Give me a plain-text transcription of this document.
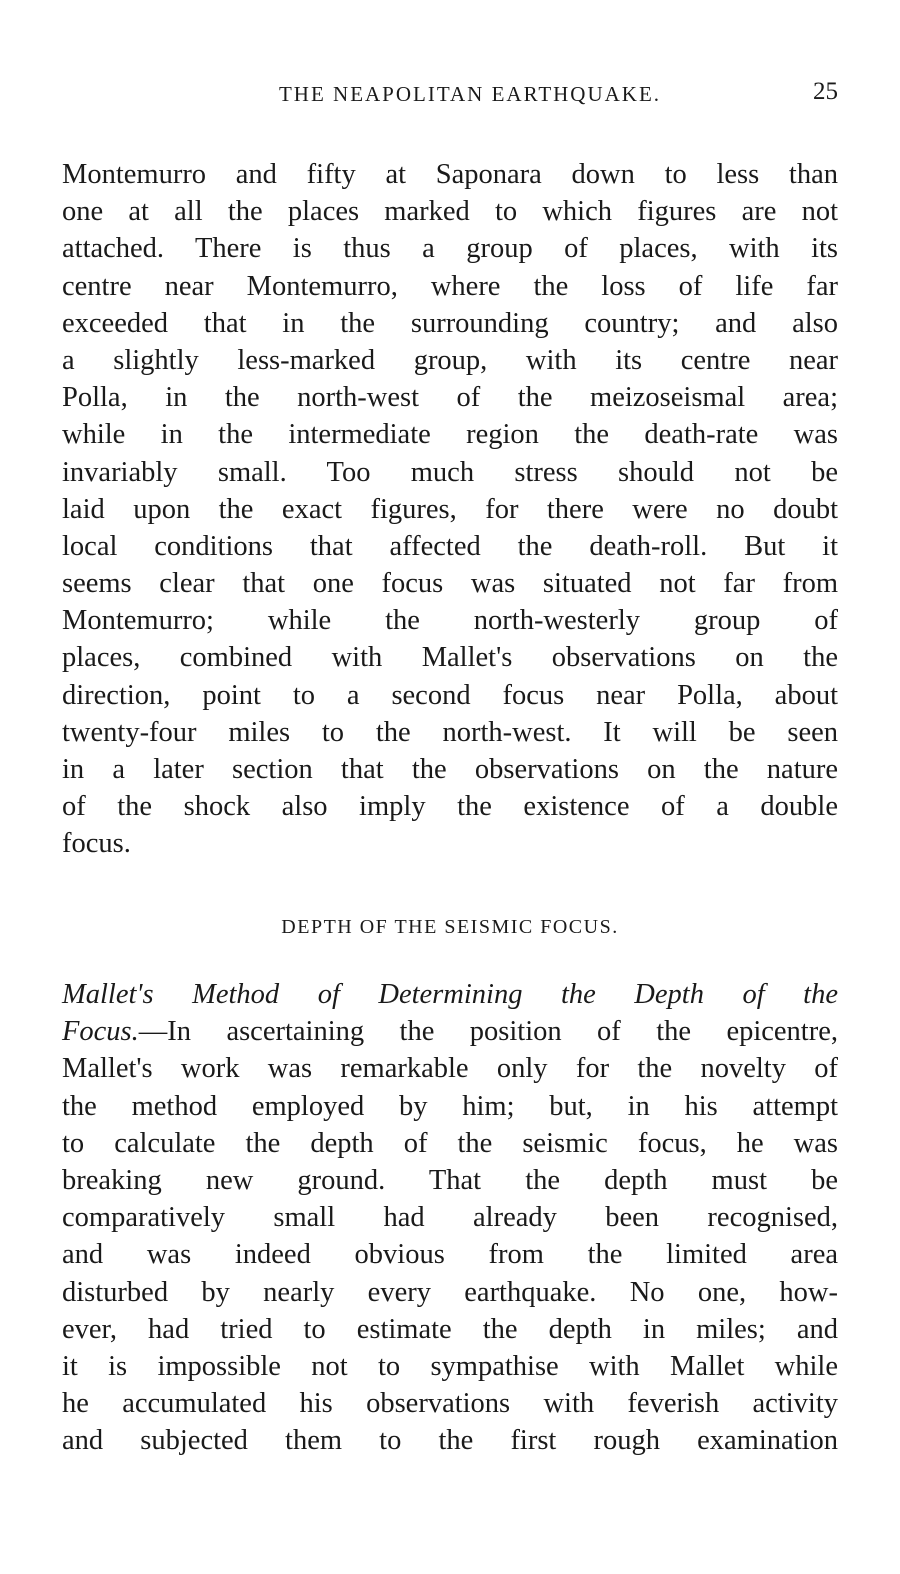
THE NEAPOLITAN EARTHQUAKE.	25
Montemurro and fifty at Saponara down to less than
one at all the places marked to which figures are not
attached. There is thus a group of places, with its
centre near Montemurro, where the loss of life far
exceeded that in the surrounding country; and also
a slightly less-marked group, with its centre near
Polla, in the north-west of the meizoseismal area;
while in the intermediate region the death-rate was
invariably small. Too much stress should not be
laid upon the exact figures, for there were no doubt
local conditions that affected the death-roll. But it
seems clear that one focus was situated not far from
Montemurro; while the north-westerly group of
places, combined with Mallet's observations on the
direction, point to a second focus near Polla, about
twenty-four miles to the north-west. It will be seen
in a later section that the observations on the nature
of the shock also imply the existence of a double
focus.
DEPTH OF THE SEISMIC FOCUS.
Mallet's Method of Determining the Depth of the
Focus.—In ascertaining the position of the epicentre,
Mallet's work was remarkable only for the novelty of
the method employed by him; but, in his attempt
to calculate the depth of the seismic focus, he was
breaking new ground. That the depth must be
comparatively small had already been recognised,
and was indeed obvious from the limited area
disturbed by nearly every earthquake. No one, how-
ever, had tried to estimate the depth in miles; and
it is impossible not to sympathise with Mallet while
he accumulated his observations with feverish activity
and subjected them to the first rough examination
